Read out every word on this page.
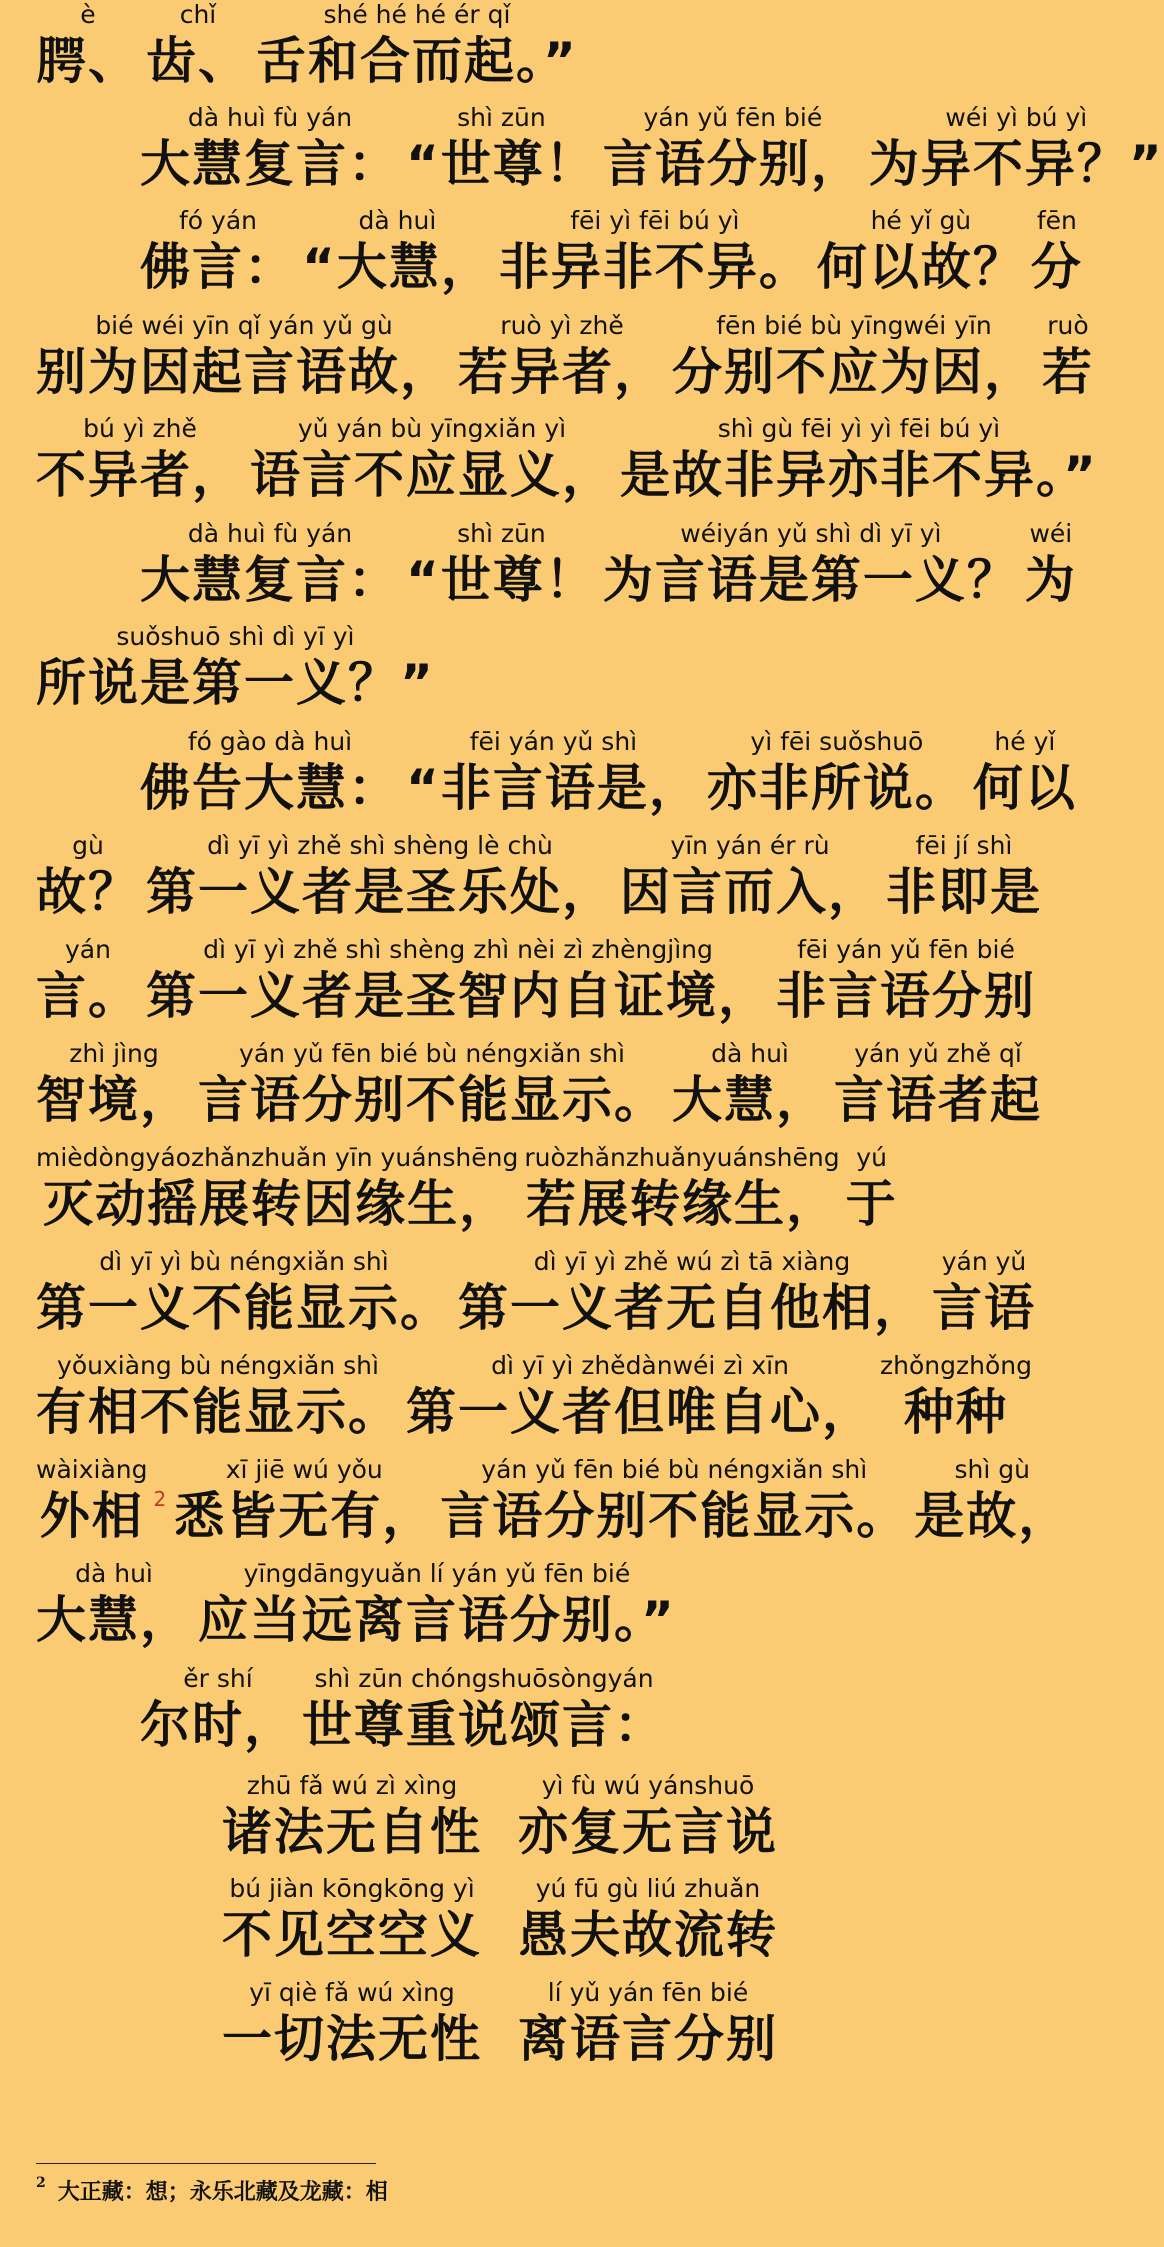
è
腭、
chǐ
齿、
shé hé hé ér qǐ
舌和合而起。”
dà huì fù yán
大慧复言：
shì zūn
“世尊！
yán yǔ fēn bié
言语分别，
wéi yì bú yì
为异不异？”
fó yán
佛言：
dà huì
“大慧，
fēi yì fēi bú yì
非异非不异。
hé yǐ gù
何以故？
fēn
分
bié wéi yīn qǐ yán yǔ gù
别为因起言语故，
ruò yì zhě
若异者，
fēn bié bù yīngwéi yīn
分别不应为因，
ruò
若
bú yì zhě
不异者，
yǔ yán bù yīngxiǎn yì
语言不应显义，
shì gù fēi yì yì fēi bú yì
是故非异亦非不异。”
dà huì fù yán
大慧复言：
shì zūn
“世尊！
wéiyán yǔ shì dì yī yì
为言语是第一义？
wéi
为
suǒshuō shì dì yī yì
所说是第一义？”
fó gào dà huì
佛告大慧：
fēi yán yǔ shì
“非言语是，
yì fēi suǒshuō
亦非所说。
hé yǐ
何以
gù
故？
dì yī yì zhě shì shèng lè chù
第一义者是圣乐处，
yīn yán ér rù
因言而入，
fēi jí shì
非即是
yán
言。
dì yī yì zhě shì shèng zhì nèi zì zhèngjìng
第一义者是圣智内自证境，
fēi yán yǔ fēn bié
非言语分别
zhì jìng
智境，
yán yǔ fēn bié bù néngxiǎn shì
言语分别不能显示。
dà huì
大慧，
yán yǔ zhě qǐ
言语者起
mièdòngyáozhǎnzhuǎn yīn yuánshēng
灭动摇展转因缘生，
ruòzhǎnzhuǎnyuánshēng
若展转缘生，
yú
于
dì yī yì bù néngxiǎn shì
第一义不能显示。
dì yī yì zhě wú zì tā xiàng
第一义者无自他相，
yán yǔ
言语
yǒuxiàng bù néngxiǎn shì
有相不能显示。
dì yī yì zhědànwéi zì xīn
第一义者但唯自心，
zhǒngzhǒng
种种
wàixiàng
外相
2
xī jiē wú yǒu
悉皆无有，
yán yǔ fēn bié bù néngxiǎn shì
言语分别不能显示。
shì gù
是故，
dà huì
大慧，
yīngdāngyuǎn lí yán yǔ fēn bié
应当远离言语分别。”
ěr shí
尔时，
shì zūn chóngshuōsòngyán
世尊重说颂言：
zhū fǎ wú zì xìng
诸法无自性
yì fù wú yánshuō
亦复无言说
bú jiàn kōngkōng yì
不见空空义
yú fū gù liú zhuǎn
愚夫故流转
yī qiè fǎ wú xìng
一切法无性
lí yǔ yán fēn bié
离语言分别
$^2$ 大正藏：想；永乐北藏及龙藏：相
